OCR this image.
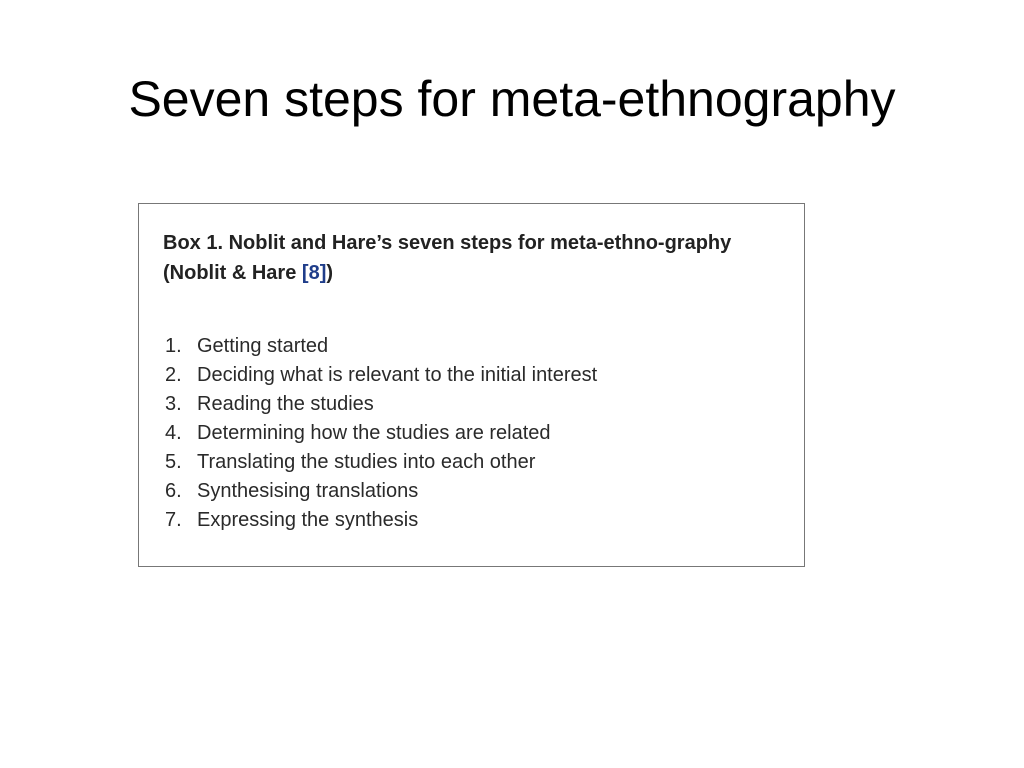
Seven steps for meta-ethnography

Box 1. Noblit and Hare’s seven steps for meta-ethno-graphy (Noblit & Hare [8])

1. Getting started
2. Deciding what is relevant to the initial interest
3. Reading the studies
4. Determining how the studies are related
5. Translating the studies into each other
6. Synthesising translations
7. Expressing the synthesis
